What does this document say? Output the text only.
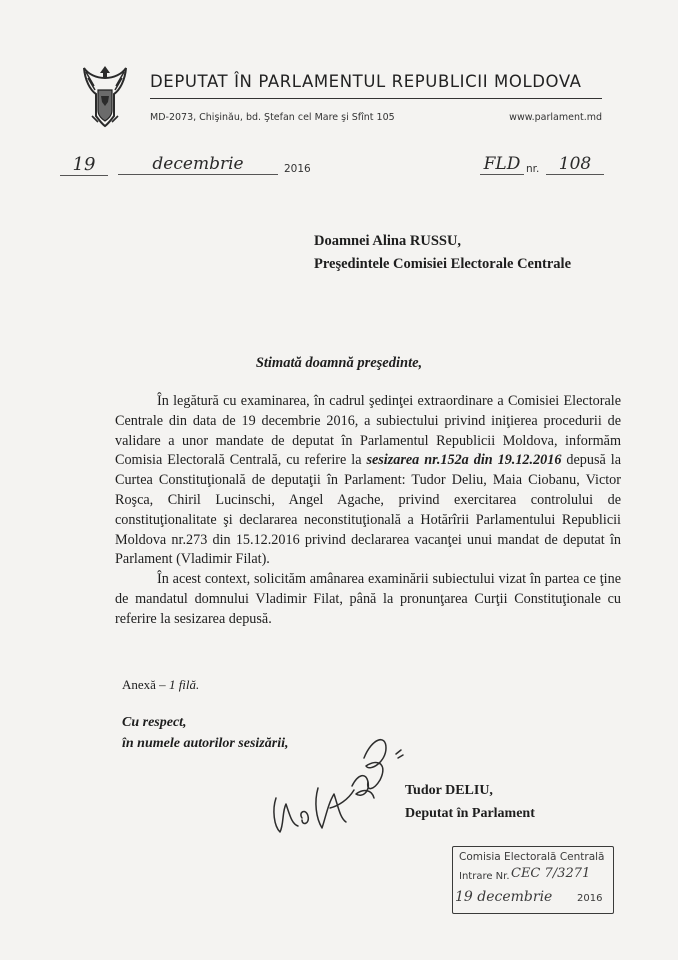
DEPUTAT ÎN PARLAMENTUL REPUBLICII MOLDOVA
MD-2073, Chişinău, bd. Ştefan cel Mare şi Sfînt 105	www.parlament.md
19	decembrie	2016	FLD nr.	108
Doamnei Alina RUSSU,
Preşedintele Comisiei Electorale Centrale
Stimată doamnă preşedinte,

În legătură cu examinarea, în cadrul şedinţei extraordinare a Comisiei Electorale Centrale din data de 19 decembrie 2016, a subiectului privind iniţierea procedurii de validare a unor mandate de deputat în Parlamentul Republicii Moldova, informăm Comisia Electorală Centrală, cu referire la sesizarea nr.152a din 19.12.2016 depusă la Curtea Constituţională de deputaţii în Parlament: Tudor Deliu, Maia Ciobanu, Victor Roşca, Chiril Lucinschi, Angel Agache, privind exercitarea controlului de constituţionalitate şi declararea neconstituţională a Hotărîrii Parlamentului Republicii Moldova nr.273 din 15.12.2016 privind declararea vacanţei unui mandat de deputat în Parlament (Vladimir Filat).

În acest context, solicităm amânarea examinării subiectului vizat în partea ce ţine de mandatul domnului Vladimir Filat, până la pronunţarea Curţii Constituţionale cu referire la sesizarea depusă.

Anexă – 1 filă.
Cu respect,
în numele autorilor sesizării,
Tudor DELIU,
Deputat în Parlament
Comisia Electorală Centrală
Intrare Nr. CEC 7/3271
19 decembrie 2016
